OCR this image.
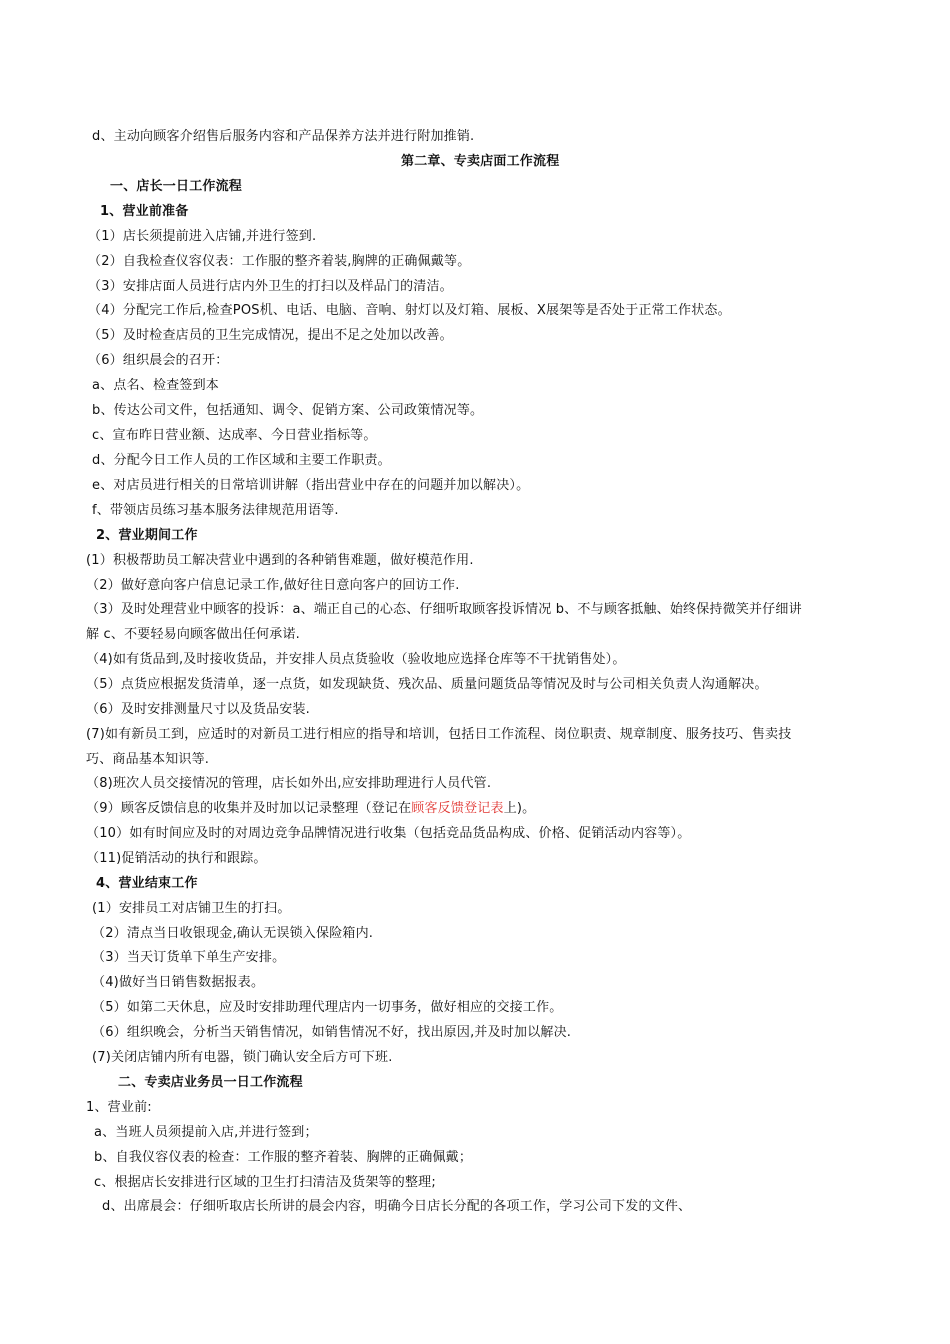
d、主动向顾客介绍售后服务内容和产品保养方法并进行附加推销.
第二章、专卖店面工作流程
一、店长一日工作流程
1、营业前准备
（1）店长须提前进入店铺,并进行签到.
（2）自我检查仪容仪表：工作服的整齐着装,胸牌的正确佩戴等。
（3）安排店面人员进行店内外卫生的打扫以及样品门的清洁。
（4）分配完工作后,检查POS机、电话、电脑、音响、射灯以及灯箱、展板、X展架等是否处于正常工作状态。
（5）及时检查店员的卫生完成情况，提出不足之处加以改善。
（6）组织晨会的召开：
a、点名、检查签到本
b、传达公司文件，包括通知、调令、促销方案、公司政策情况等。
c、宣布昨日营业额、达成率、今日营业指标等。
d、分配今日工作人员的工作区域和主要工作职责。
e、对店员进行相关的日常培训讲解（指出营业中存在的问题并加以解决）。
f、带领店员练习基本服务法律规范用语等.
2、营业期间工作
(1）积极帮助员工解决营业中遇到的各种销售难题，做好模范作用.
（2）做好意向客户信息记录工作,做好往日意向客户的回访工作.
（3）及时处理营业中顾客的投诉：a、端正自己的心态、仔细听取顾客投诉情况 b、不与顾客抵触、始终保持微笑并仔细讲
解 c、不要轻易向顾客做出任何承诺.
（4)如有货品到,及时接收货品，并安排人员点货验收（验收地应选择仓库等不干扰销售处）。
（5）点货应根据发货清单，逐一点货，如发现缺货、残次品、质量问题货品等情况及时与公司相关负责人沟通解决。
（6）及时安排测量尺寸以及货品安装.
(7)如有新员工到，应适时的对新员工进行相应的指导和培训，包括日工作流程、岗位职责、规章制度、服务技巧、售卖技
巧、商品基本知识等.
（8)班次人员交接情况的管理，店长如外出,应安排助理进行人员代管.
（9）顾客反馈信息的收集并及时加以记录整理（登记在顾客反馈登记表上)。
（10）如有时间应及时的对周边竞争品牌情况进行收集（包括竞品货品构成、价格、促销活动内容等）。
（11)促销活动的执行和跟踪。
4、营业结束工作
(1）安排员工对店铺卫生的打扫。
（2）清点当日收银现金,确认无误锁入保险箱内.
（3）当天订货单下单生产安排。
（4)做好当日销售数据报表。
（5）如第二天休息，应及时安排助理代理店内一切事务，做好相应的交接工作。
（6）组织晚会，分析当天销售情况，如销售情况不好，找出原因,并及时加以解决.
(7)关闭店铺内所有电器，锁门确认安全后方可下班.
二、专卖店业务员一日工作流程
1、营业前:
a、当班人员须提前入店,并进行签到；
b、自我仪容仪表的检查：工作服的整齐着装、胸牌的正确佩戴；
c、根据店长安排进行区域的卫生打扫清洁及货架等的整理;
d、出席晨会：仔细听取店长所讲的晨会内容，明确今日店长分配的各项工作，学习公司下发的文件、
